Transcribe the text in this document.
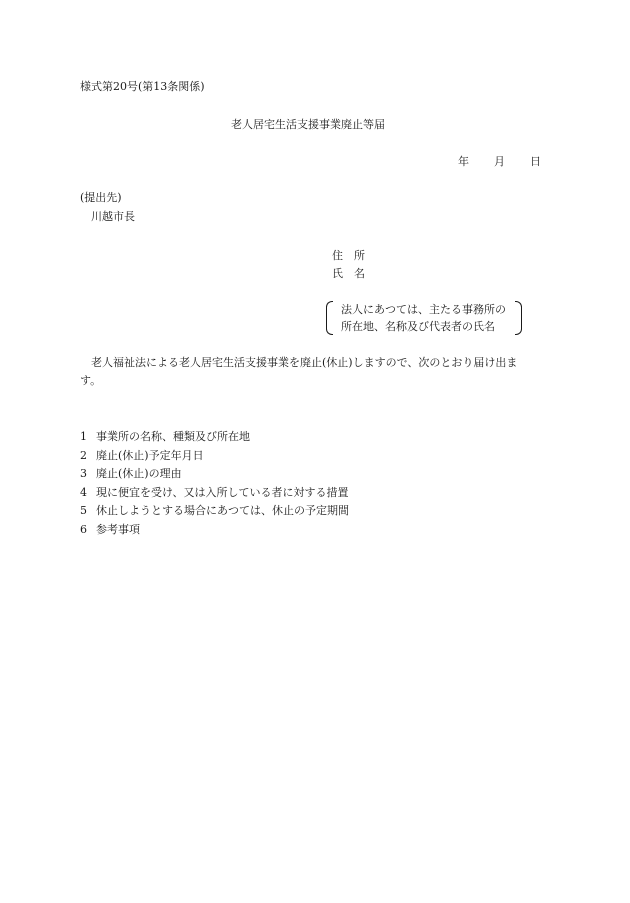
様式第20号(第13条関係)
老人居宅生活支援事業廃止等届
年 月 日
(提出先)
川越市長
住　所
氏　名
法人にあつては、主たる事務所の
所在地、名称及び代表者の氏名
老人福祉法による老人居宅生活支援事業を廃止(休止)しますので、次のとおり届け出ま
す。
1 事業所の名称、種類及び所在地
2 廃止(休止)予定年月日
3 廃止(休止)の理由
4 現に便宜を受け、又は入所している者に対する措置
5 休止しようとする場合にあつては、休止の予定期間
6 参考事項
